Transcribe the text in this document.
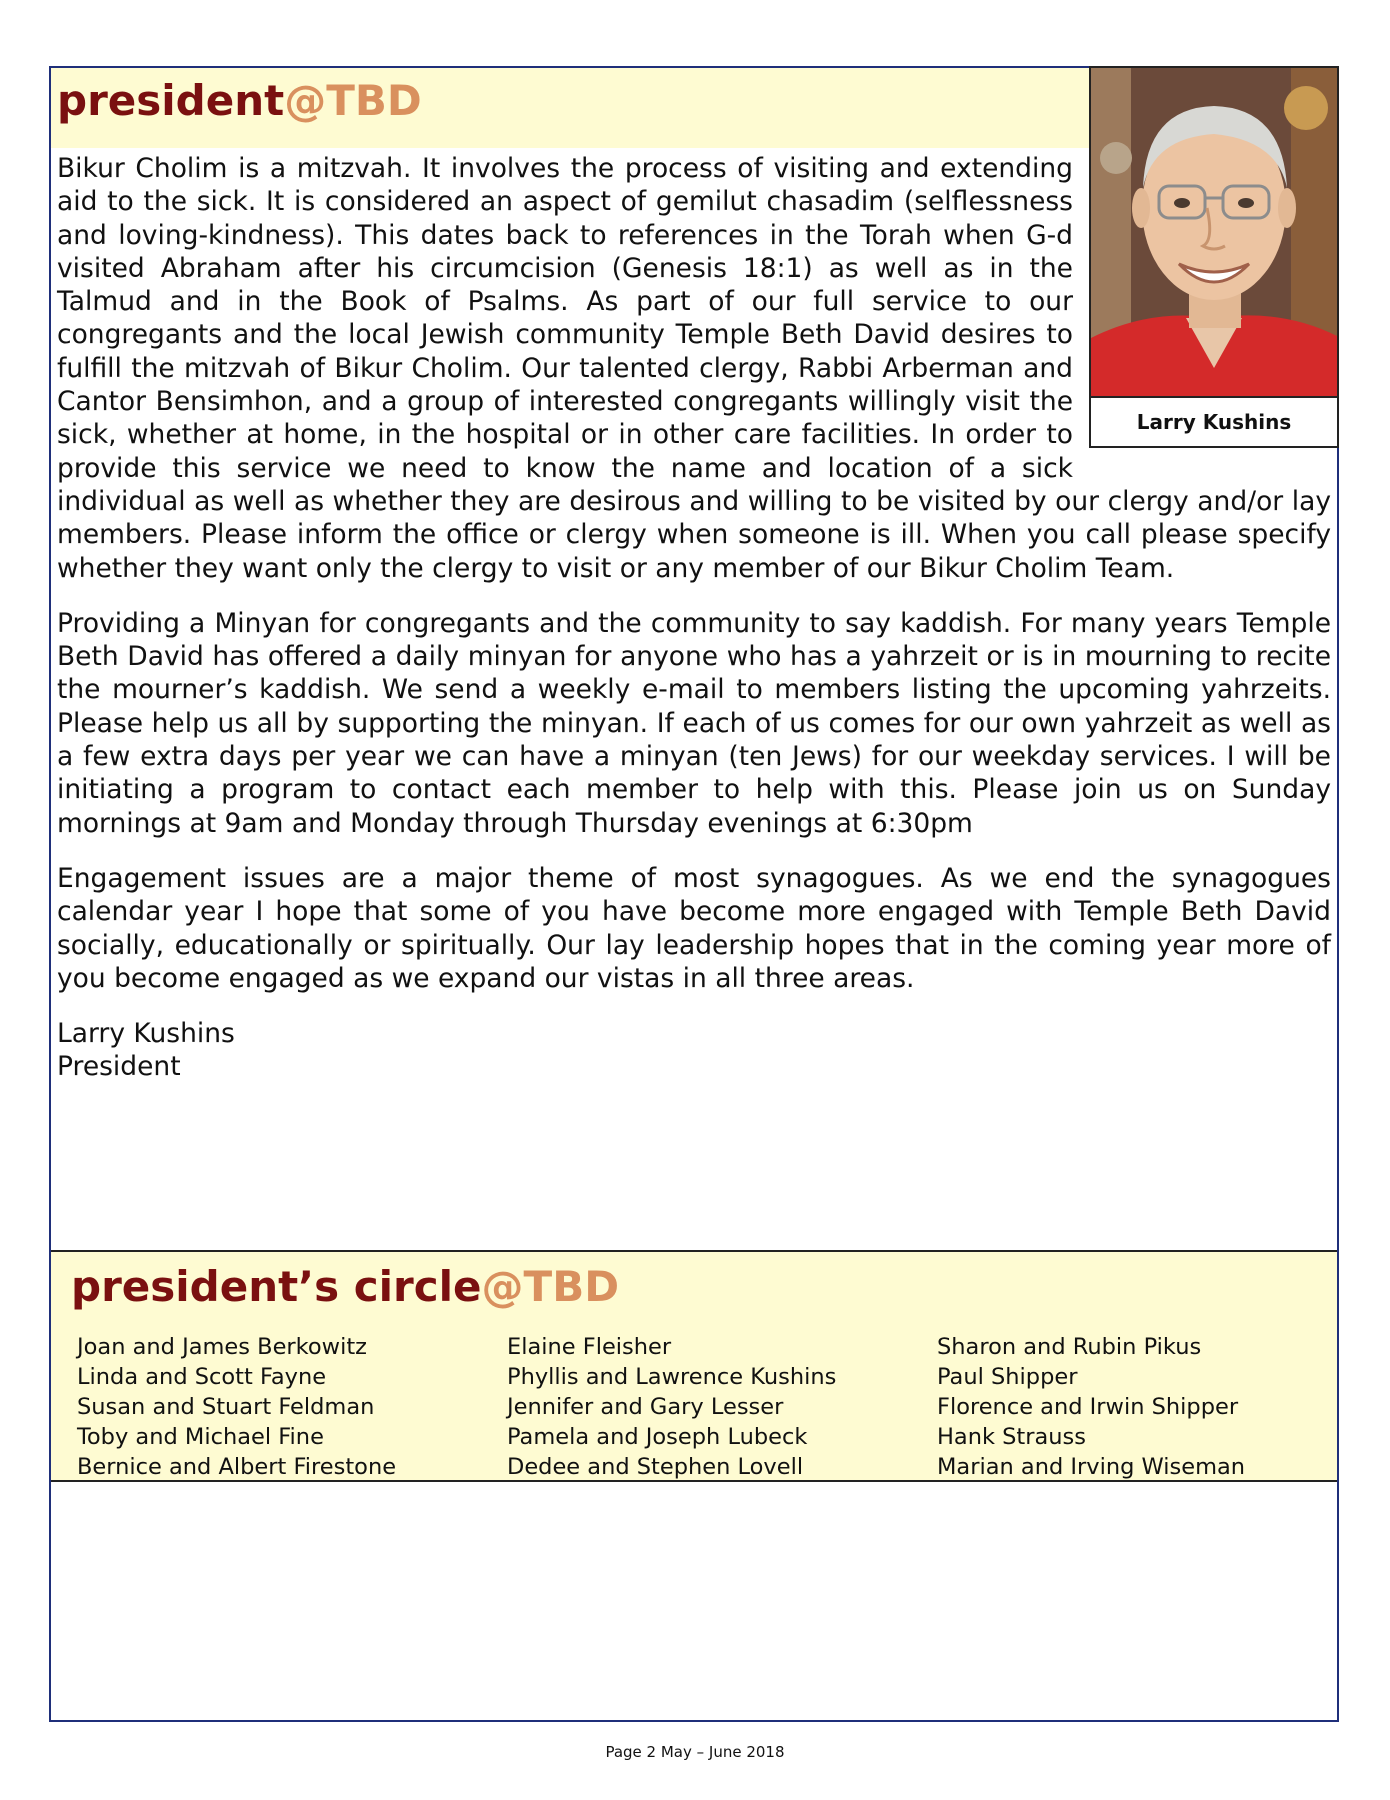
president@TBD
Larry Kushins

Bikur Cholim is a mitzvah. It involves the process of visiting and extending aid to the sick. It is considered an aspect of gemilut chasadim (selflessness and loving-kindness). This dates back to references in the Torah when G-d visited Abraham after his circumcision (Genesis 18:1) as well as in the Talmud and in the Book of Psalms. As part of our full service to our congregants and the local Jewish community Temple Beth David desires to fulfill the mitzvah of Bikur Cholim. Our talented clergy, Rabbi Arberman and Cantor Bensimhon, and a group of interested congregants willingly visit the sick, whether at home, in the hospital or in other care facilities. In order to provide this service we need to know the name and location of a sick individual as well as whether they are desirous and willing to be visited by our clergy and/or lay members. Please inform the office or clergy when someone is ill. When you call please specify whether they want only the clergy to visit or any member of our Bikur Cholim Team.

Providing a Minyan for congregants and the community to say kaddish. For many years Temple Beth David has offered a daily minyan for anyone who has a yahrzeit or is in mourning to recite the mourner’s kaddish. We send a weekly e-mail to members listing the upcoming yahrzeits. Please help us all by supporting the minyan. If each of us comes for our own yahrzeit as well as a few extra days per year we can have a minyan (ten Jews) for our weekday services. I will be initiating a program to contact each member to help with this. Please join us on Sunday mornings at 9am and Monday through Thursday evenings at 6:30pm

Engagement issues are a major theme of most synagogues. As we end the synagogues calendar year I hope that some of you have become more engaged with Temple Beth David socially, educationally or spiritually. Our lay leadership hopes that in the coming year more of you become engaged as we expand our vistas in all three areas.

Larry Kushins
President
president’s circle@TBD
Joan and James Berkowitz
Linda and Scott Fayne
Susan and Stuart Feldman
Toby and Michael Fine
Bernice and Albert Firestone
Elaine Fleisher
Phyllis and Lawrence Kushins
Jennifer and Gary Lesser
Pamela and Joseph Lubeck
Dedee and Stephen Lovell
Sharon and Rubin Pikus
Paul Shipper
Florence and Irwin Shipper
Hank Strauss
Marian and Irving Wiseman
Page 2 May – June 2018
